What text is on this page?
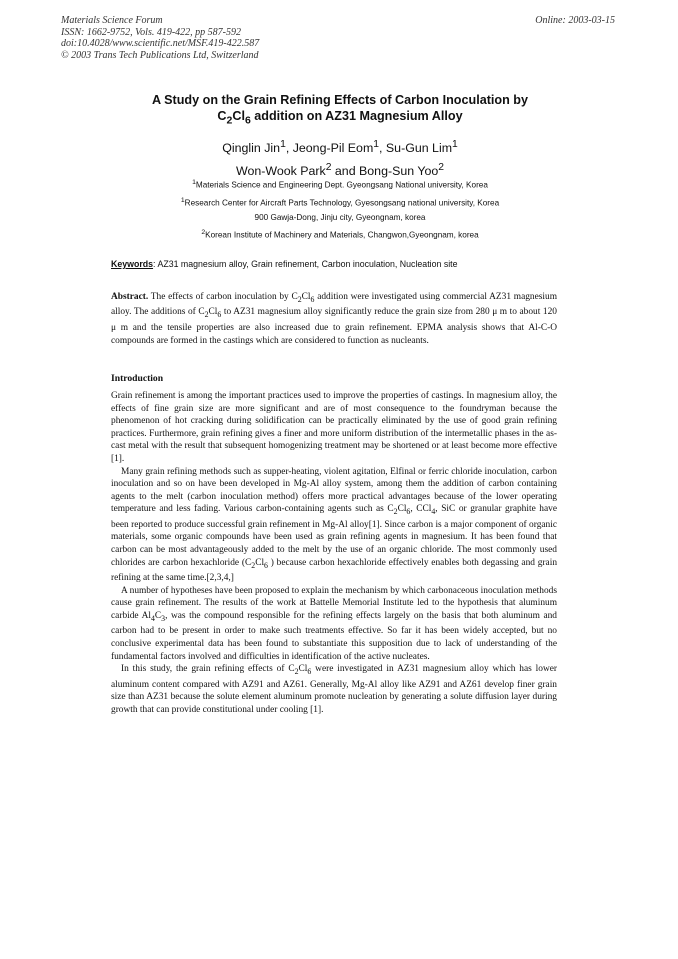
Materials Science Forum
ISSN: 1662-9752, Vols. 419-422, pp 587-592
doi:10.4028/www.scientific.net/MSF.419-422.587
© 2003 Trans Tech Publications Ltd, Switzerland
Online: 2003-03-15
A Study on the Grain Refining Effects of Carbon Inoculation by
$C_2Cl_6$ addition on AZ31 Magnesium Alloy
Qinglin Jin$^1$, Jeong-Pil Eom$^1$, Su-Gun Lim$^1$
Won-Wook Park$^2$ and Bong-Sun Yoo$^2$
$^1$Materials Science and Engineering Dept. Gyeongsang National university, Korea
$^1$Research Center for Aircraft Parts Technology, Gyesongsang national university, Korea
900 Gawja-Dong, Jinju city, Gyeongnam, korea
$^2$Korean Institute of Machinery and Materials, Changwon,Gyeongnam, korea
Keywords: AZ31 magnesium alloy, Grain refinement, Carbon inoculation, Nucleation site
Abstract. The effects of carbon inoculation by $C_2Cl_6$ addition were investigated using commercial AZ31 magnesium alloy. The additions of $C_2Cl_6$ to AZ31 magnesium alloy significantly reduce the grain size from 280 μ m to about 120 μ m and the tensile properties are also increased due to grain refinement. EPMA analysis shows that Al-C-O compounds are formed in the castings which are considered to function as nucleants.
Introduction

Grain refinement is among the important practices used to improve the properties of castings. In magnesium alloy, the effects of fine grain size are more significant and are of most consequence to the foundryman because the phenomenon of hot cracking during solidification can be practically eliminated by the use of good grain refining practices. Furthermore, grain refining gives a finer and more uniform distribution of the intermetallic phases in the as-cast metal with the result that subsequent homogenizing treatment may be shortened or at least become more effective [1].

Many grain refining methods such as supper-heating, violent agitation, Elfinal or ferric chloride inoculation, carbon inoculation and so on have been developed in Mg-Al alloy system, among them the addition of carbon containing agents to the melt (carbon inoculation method) offers more practical advantages because of the lower operating temperature and less fading. Various carbon-containing agents such as $C_2Cl_6$, CCl$_4$, SiC or granular graphite have been reported to produce successful grain refinement in Mg-Al alloy[1]. Since carbon is a major component of organic materials, some organic compounds have been used as grain refining agents in magnesium. It has been found that carbon can be most advantageously added to the melt by the use of an organic chloride. The most commonly used chlorides are carbon hexachloride ($C_2Cl_6$ ) because carbon hexachloride effectively enables both degassing and grain refining at the same time.[2,3,4,]

A number of hypotheses have been proposed to explain the mechanism by which carbonaceous inoculation methods cause grain refinement. The results of the work at Battelle Memorial Institute led to the hypothesis that aluminum carbide $Al_4C_3$, was the compound responsible for the refining effects largely on the basis that both aluminum and carbon had to be present in order to make such treatments effective. So far it has been widely accepted, but no conclusive experimental data has been found to substantiate this supposition due to lack of understanding of the fundamental factors involved and difficulties in identification of the active nucleates.

In this study, the grain refining effects of $C_2Cl_6$ were investigated in AZ31 magnesium alloy which has lower aluminum content compared with AZ91 and AZ61. Generally, Mg-Al alloy like AZ91 and AZ61 develop finer grain size than AZ31 because the solute element aluminum promote nucleation by generating a solute diffusion layer during growth that can provide constitutional under cooling [1].
